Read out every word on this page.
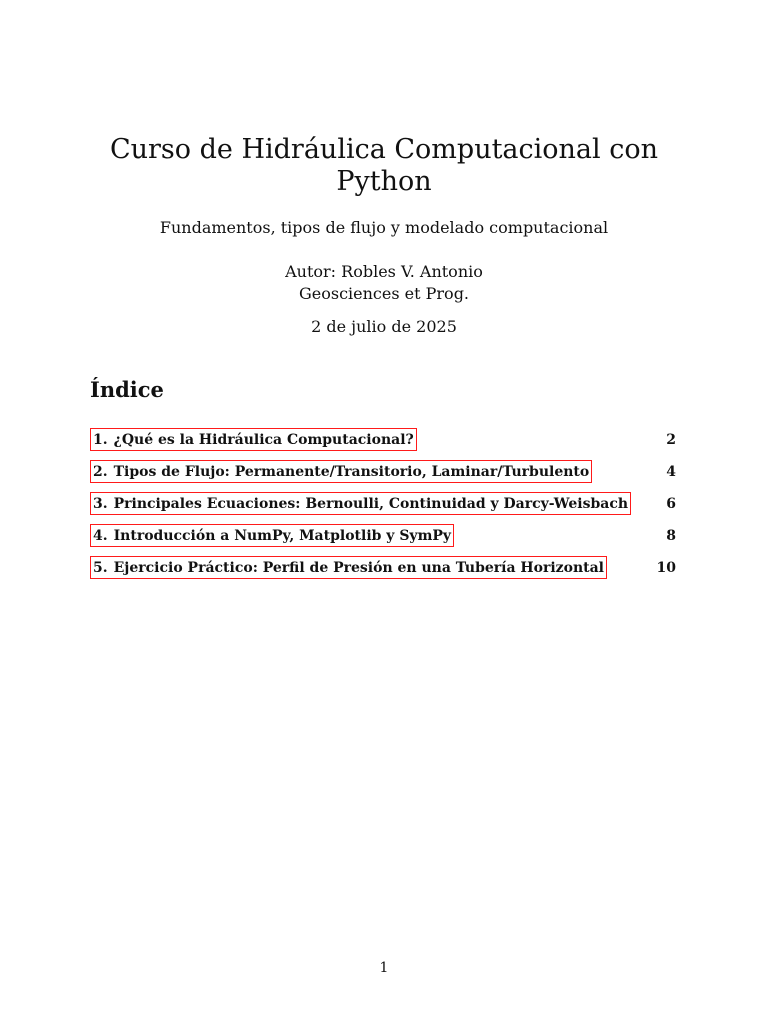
Curso de Hidráulica Computacional con Python

Fundamentos, tipos de flujo y modelado computacional

Autor: Robles V. Antonio

Geosciences et Prog.

2 de julio de 2025

Índice
1. ¿Qué es la Hidráulica Computacional?	2
2. Tipos de Flujo: Permanente/Transitorio, Laminar/Turbulento	4
3. Principales Ecuaciones: Bernoulli, Continuidad y Darcy-Weisbach	6
4. Introducción a NumPy, Matplotlib y SymPy	8
5. Ejercicio Práctico: Perfil de Presión en una Tubería Horizontal	10
1
